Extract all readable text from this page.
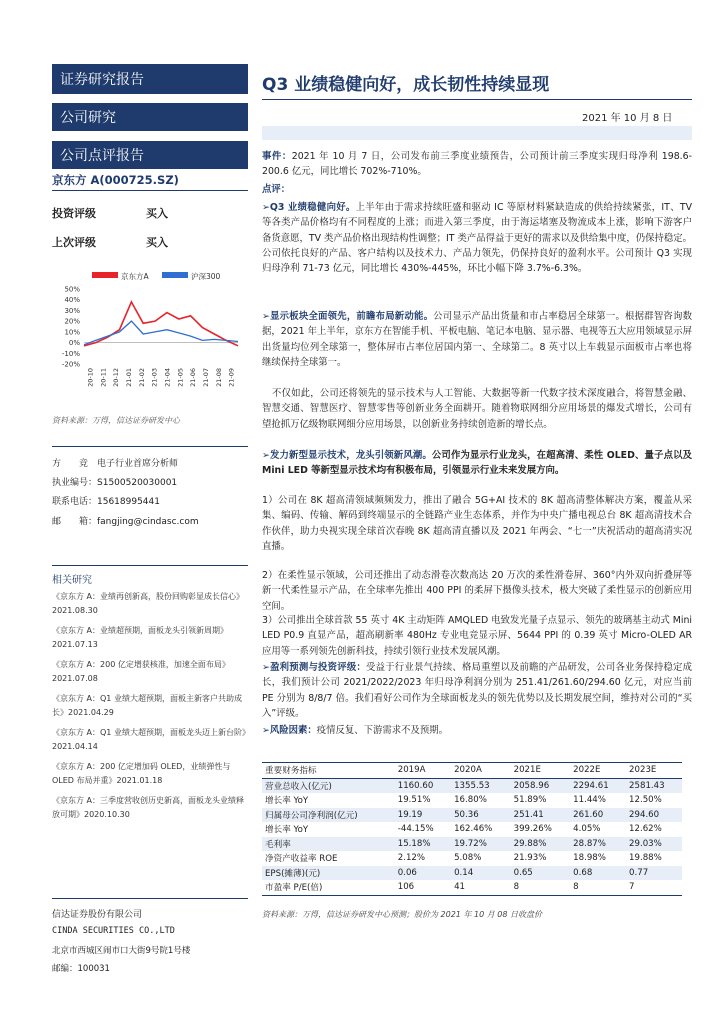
证券研究报告
公司研究
公司点评报告
京东方 A(000725.SZ)
投资评级	买入
上次评级	买入
京东方A	沪深300
50%
40%
30%
20%
10%
0%
-10%
-20%
20-10 20-11 20-12 21-01 21-02 21-03 21-04 21-05 21-06 21-07 21-08 21-09
资料来源：万得，信达证券研发中心
方　　竞　电子行业首席分析师
执业编号：S1500520030001
联系电话：15618995441
邮　　箱：fangjing@cindasc.com
相关研究
《京东方 A：业绩再创新高，股份回购彰显成长信心》2021.08.30
《京东方 A：业绩超预期，面板龙头引领新周期》2021.07.13
《京东方 A：200 亿定增获核准，加速全面布局》2021.07.08
《京东方 A：Q1 业绩大超预期，面板主新客户共助成长》2021.04.29
《京东方 A：Q1 业绩大超预期，面板龙头迈上新台阶》2021.04.14
《京东方 A：200 亿定增加码 OLED，业绩弹性与 OLED 布局并重》2021.01.18
《京东方 A：三季度营收创历史新高，面板龙头业绩释放可期》2020.10.30
信达证券股份有限公司
CINDA SECURITIES CO.,LTD
北京市西城区闹市口大街9号院1号楼
邮编：100031
Q3 业绩稳健向好，成长韧性持续显现
2021 年 10 月 8 日
事件：2021 年 10 月 7 日，公司发布前三季度业绩预告，公司预计前三季度实现归母净利 198.6-200.6 亿元，同比增长 702%-710%。
点评：
➢Q3 业绩稳健向好。上半年由于需求持续旺盛和驱动 IC 等原材料紧缺造成的供给持续紧张，IT、TV 等各类产品价格均有不同程度的上涨；而进入第三季度，由于海运堵塞及物流成本上涨，影响下游客户备货意愿，TV 类产品价格出现结构性调整；IT 类产品得益于更好的需求以及供给集中度，仍保持稳定。公司依托良好的产品、客户结构以及技术力、产品力领先，仍保持良好的盈利水平。公司预计 Q3 实现归母净利 71-73 亿元，同比增长 430%-445%，环比小幅下降 3.7%-6.3%。
➢显示板块全面领先，前瞻布局新动能。公司显示产品出货量和市占率稳居全球第一。根据群智咨询数据，2021 年上半年，京东方在智能手机、平板电脑、笔记本电脑、显示器、电视等五大应用领域显示屏出货量均位列全球第一，整体屏市占率位居国内第一、全球第二。8 英寸以上车载显示面板市占率也将继续保持全球第一。
不仅如此，公司还将领先的显示技术与人工智能、大数据等新一代数字技术深度融合，将智慧金融、智慧交通、智慧医疗、智慧零售等创新业务全面耕开。随着物联网细分应用场景的爆发式增长，公司有望抢抓万亿级物联网细分应用场景，以创新业务持续创造新的增长点。
➢发力新型显示技术，龙头引领新风潮。公司作为显示行业龙头，在超高清、柔性 OLED、量子点以及 Mini LED 等新型显示技术均有积极布局，引领显示行业未来发展方向。
1）公司在 8K 超高清领域频频发力，推出了融合 5G+AI 技术的 8K 超高清整体解决方案，覆盖从采集、编码、传输、解码到终端显示的全链路产业生态体系，并作为中央广播电视总台 8K 超高清技术合作伙伴，助力央视实现全球首次春晚 8K 超高清直播以及 2021 年两会、“七一”庆祝活动的超高清实况直播。
2）在柔性显示领域，公司还推出了动态滑卷次数高达 20 万次的柔性滑卷屏、360°内外双向折叠屏等新一代柔性显示产品，在全球率先推出 400 PPI 的柔屏下摄像头技术，极大突破了柔性显示的创新应用空间。
3）公司推出全球首款 55 英寸 4K 主动矩阵 AMQLED 电致发光量子点显示、领先的玻璃基主动式 Mini LED P0.9 直显产品，超高刷新率 480Hz 专业电竞显示屏、5644 PPI 的 0.39 英寸 Micro-OLED AR 应用等一系列领先创新科技，持续引领行业技术发展风潮。
➢盈利预测与投资评级：受益于行业景气持续、格局重塑以及前瞻的产品研发，公司各业务保持稳定成长，我们预计公司 2021/2022/2023 年归母净利润分别为 251.41/261.60/294.60 亿元，对应当前 PE 分别为 8/8/7 倍。我们看好公司作为全球面板龙头的领先优势以及长期发展空间，维持对公司的“买入”评级。
➢风险因素：疫情反复、下游需求不及预期。
重要财务指标	2019A	2020A	2021E	2022E	2023E
营业总收入(亿元)	1160.60	1355.53	2058.96	2294.61	2581.43
增长率 YoY	19.51%	16.80%	51.89%	11.44%	12.50%
归属母公司净利润(亿元)	19.19	50.36	251.41	261.60	294.60
增长率 YoY	-44.15%	162.46%	399.26%	4.05%	12.62%
毛利率	15.18%	19.72%	29.88%	28.87%	29.03%
净资产收益率 ROE	2.12%	5.08%	21.93%	18.98%	19.88%
EPS(摊薄)(元)	0.06	0.14	0.65	0.68	0.77
市盈率 P/E(倍)	106	41	8	8	7
资料来源：万得，信达证券研发中心预测；股价为 2021 年 10 月 08 日收盘价
